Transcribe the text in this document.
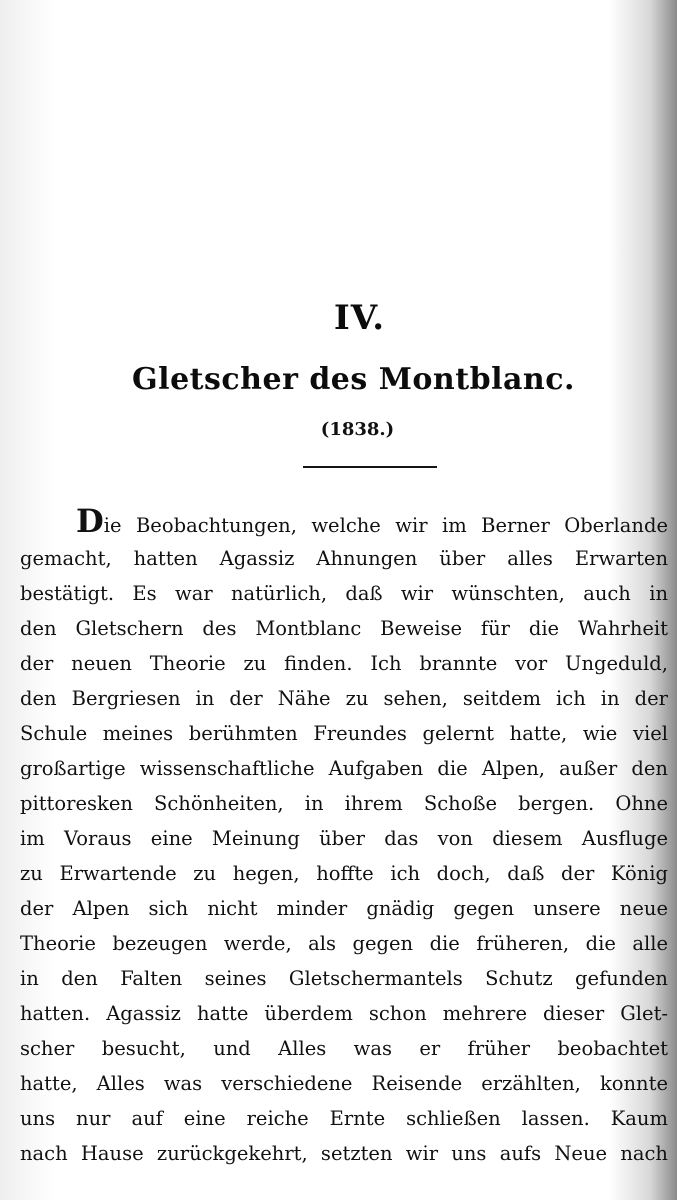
IV.
Gletscher des Montblanc.
(1838.)
Die Beobachtungen, welche wir im Berner Oberlande
gemacht, hatten Agassiz Ahnungen über alles Erwarten
bestätigt. Es war natürlich, daß wir wünschten, auch in
den Gletschern des Montblanc Beweise für die Wahrheit
der neuen Theorie zu finden. Ich brannte vor Ungeduld,
den Bergriesen in der Nähe zu sehen, seitdem ich in der
Schule meines berühmten Freundes gelernt hatte, wie viel
großartige wissenschaftliche Aufgaben die Alpen, außer den
pittoresken Schönheiten, in ihrem Schoße bergen. Ohne
im Voraus eine Meinung über das von diesem Ausfluge
zu Erwartende zu hegen, hoffte ich doch, daß der König
der Alpen sich nicht minder gnädig gegen unsere neue
Theorie bezeugen werde, als gegen die früheren, die alle
in den Falten seines Gletschermantels Schutz gefunden
hatten. Agassiz hatte überdem schon mehrere dieser Glet-
scher besucht, und Alles was er früher beobachtet
hatte, Alles was verschiedene Reisende erzählten, konnte
uns nur auf eine reiche Ernte schließen lassen. Kaum
nach Hause zurückgekehrt, setzten wir uns aufs Neue nach
